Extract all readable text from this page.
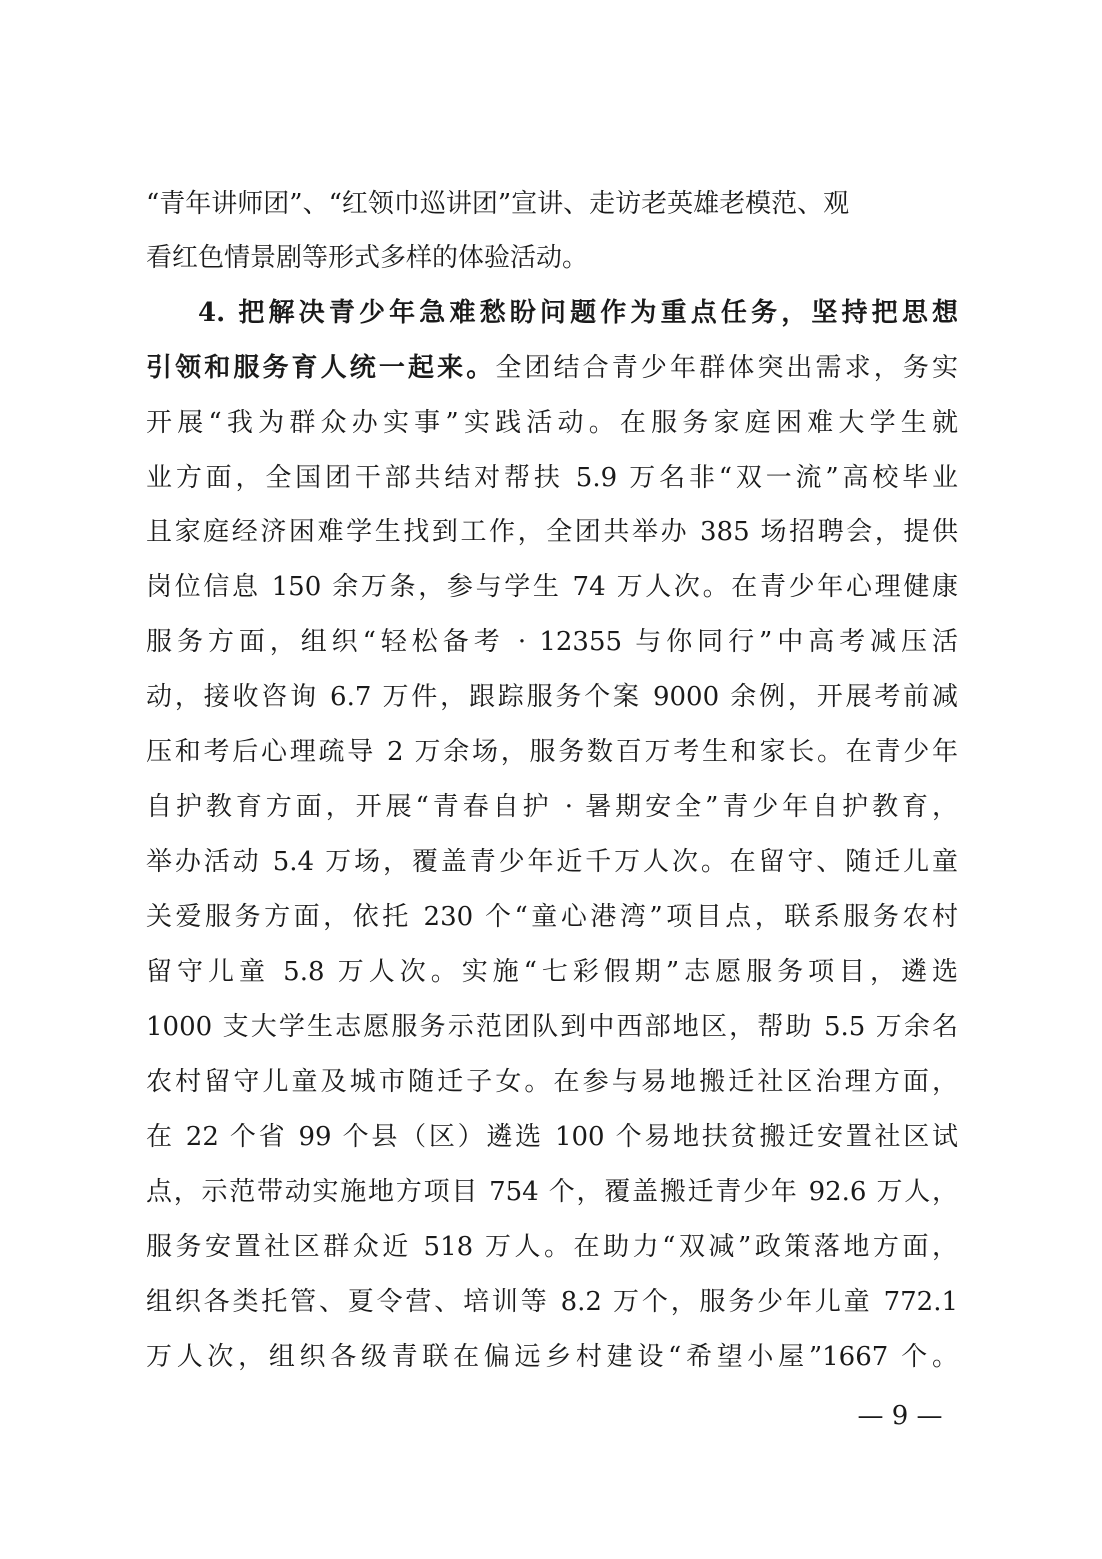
“青年讲师团”、“红领巾巡讲团”宣讲、走访老英雄老模范、观
看红色情景剧等形式多样的体验活动。
4. 把解决青少年急难愁盼问题作为重点任务，坚持把思想
引领和服务育人统一起来。全团结合青少年群体突出需求，务实
开展“我为群众办实事”实践活动。在服务家庭困难大学生就
业方面，全国团干部共结对帮扶 5.9 万名非“双一流”高校毕业
且家庭经济困难学生找到工作，全团共举办 385 场招聘会，提供
岗位信息 150 余万条，参与学生 74 万人次。在青少年心理健康
服务方面，组织“轻松备考 · 12355 与你同行”中高考减压活
动，接收咨询 6.7 万件，跟踪服务个案 9000 余例，开展考前减
压和考后心理疏导 2 万余场，服务数百万考生和家长。在青少年
自护教育方面，开展“青春自护 · 暑期安全”青少年自护教育，
举办活动 5.4 万场，覆盖青少年近千万人次。在留守、随迁儿童
关爱服务方面，依托 230 个“童心港湾”项目点，联系服务农村
留守儿童 5.8 万人次。实施“七彩假期”志愿服务项目，遴选
1000 支大学生志愿服务示范团队到中西部地区，帮助 5.5 万余名
农村留守儿童及城市随迁子女。在参与易地搬迁社区治理方面，
在 22 个省 99 个县（区）遴选 100 个易地扶贫搬迁安置社区试
点，示范带动实施地方项目 754 个，覆盖搬迁青少年 92.6 万人，
服务安置社区群众近 518 万人。在助力“双减”政策落地方面，
组织各类托管、夏令营、培训等 8.2 万个，服务少年儿童 772.1
万人次，组织各级青联在偏远乡村建设“希望小屋”1667 个。
— 9 —
